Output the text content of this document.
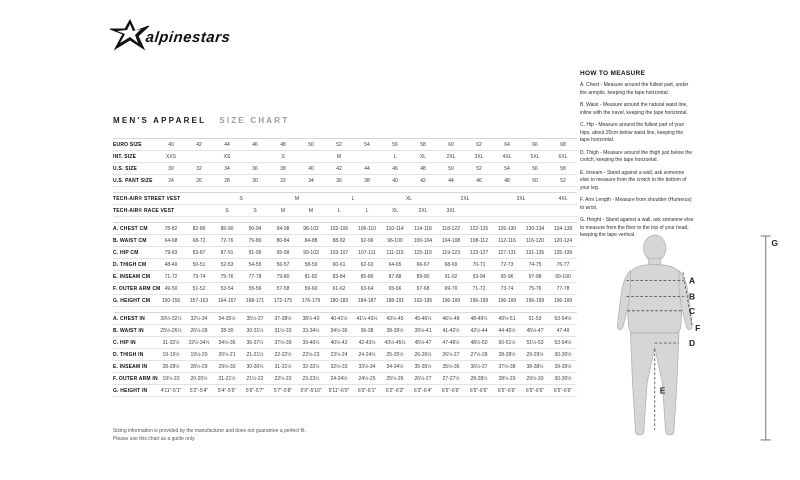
alpinestars
MEN'S APPAREL SIZE CHART
EURO SIZE	40	42	44	46	48	50	52	54	56	58	60	62	64	66	68
INT. SIZE	XXS		XS		S		M		L	XL	2XL	3XL	4XL	5XL	6XL
U.S. SIZE	30	32	34	36	38	40	42	44	46	48	50	52	54	56	58
U.S. PANT SIZE	24	26	28	30	32	34	36	38	40	42	44	46	48	50	52

TECH-AIR® STREET VEST			S		M		L		XL		2XL		3XL		4XL
TECH-AIR® RACE VEST			S	S	M	M	L	L	XL	2XL	3XL				

A. CHEST CM	78-82	82-86	86-90	90-94	94-98	98-102	102-106	106-110	110-114	114-118	118-122	122-126	126-130	130-134	134-138
B. WAIST CM	64-68	68-72	72-76	76-80	80-84	84-88	88-92	92-96	96-100	100-104	104-108	108-112	112-116	116-120	120-124
C. HIP CM	79-83	83-87	87-91	91-95	95-99	99-103	103-107	107-111	111-115	115-119	119-123	123-127	127-131	131-135	135-139
D. THIGH CM	48-49	50-51	52-53	54-55	56-57	58-59	60-61	62-63	64-65	66-67	68-69	70-71	72-73	74-75	76-77
E. INSEAM CM	71-72	73-74	75-76	77-78	79-80	81-82	83-84	85-86	87-88	89-90	91-92	93-94	95-96	97-98	99-100
F. OUTER ARM CM	49-50	51-52	53-54	55-56	57-58	59-60	61-62	63-64	65-66	67-68	69-70	71-72	73-74	75-76	77-78
G. HEIGHT CM	150-156	157-163	164-167	168-171	172-175	176-179	180-183	184-187	188-191	192-195	196-199	196-199	196-199	196-199	196-199

A. CHEST IN	30½-32½	32½-34	34-35½	35½-37	37-38½	38½-40	40-41½	41½-43½	43½-45	45-46½	46½-48	48-49½	49½-51	51-53	53-54½
B. WAIST IN	25½-26½	26½-28	28-30	30-31½	31½-33	33-34½	34½-36	36-38	38-39½	39½-41	41-42½	42½-44	44-45½	45½-47	47-49
C. HIP IN	31-32½	32½-34½	34½-36	36-37½	37½-39	39-40½	40½-42	42-43½	43½-45½	45½-47	47-48½	48½-50	50-51½	51½-53	53-54½
D. THIGH IN	19-19½	19½-20	20½-21	21-21½	22-22½	22½-23	23½-24	24-24½	25-25½	26-26½	26½-27	27½-28	28-28½	29-29½	30-30½
E. INSEAM IN	28-28½	28½-29	29½-30	30-30½	31-31½	32-32½	32½-33	33½-34	34-34½	35-35½	35½-36	36½-37	37½-38	38-38½	39-39½
F. OUTER ARM IN	19½-20	20-20½	21-21½	21½-22	22½-23	23-23½	24-24½	24½-25	25½-26	26½-27	27-27½	28-28½	28½-29	29½-30	30-30½
G. HEIGHT IN	4'11"-5'1"	5'2"-5'4"	5'4"-5'5"	5'6"-5'7"	5'7"-5'8"	5'9"-5'10"	5'11"-6'0"	6'0"-6'1"	6'2"-6'3"	6'3"-6'4"	6'5"-6'6"	6'5"-6'6"	6'5"-6'6"	6'5"-6'6"	6'5"-6'6"
HOW TO MEASURE

A. Chest - Measure around the fullest part, under the armpits, keeping the tape horizontal.

B. Waist - Measure around the natural waist line, inline with the navel, keeping the tape horizontal.

C. Hip - Measure around the fullest part of your hips, about 20cm below waist line, keeping the tape horizontal.

D. Thigh - Measure around the thigh just below the crotch, keeping the tape horizontal.

E. Inseam - Stand against a wall, ask someone else to measure from the crotch to the bottom of your leg.

F. Arm Length - Measure from shoulder (Humerus) to wrist.

G. Height - Stand against a wall, ask someone else to measure from the floor to the top of your head, keeping the tape vertical.

A
B
C
D
E
F
G
Sizing information is provided by the manufacturer and does not guarantee a perfect fit.
Please use this chart as a guide only.
